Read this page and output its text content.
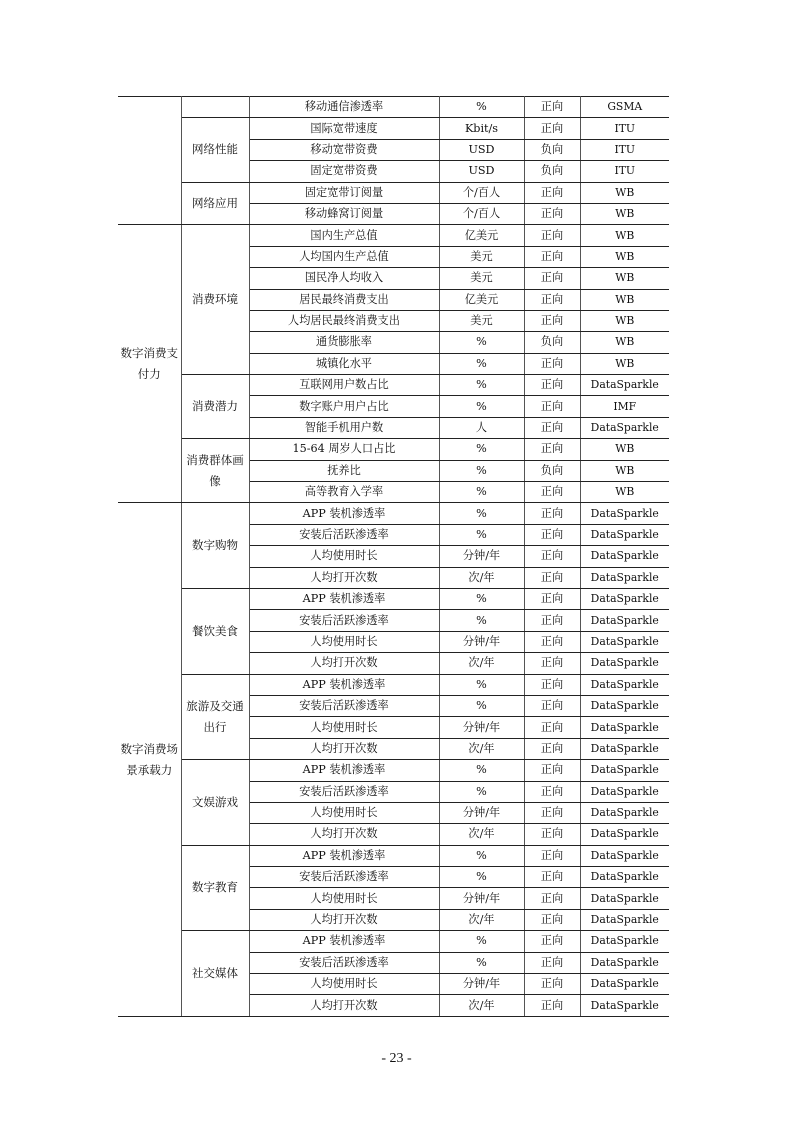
		移动通信渗透率	%	正向	GSMA
	网络性能	国际宽带速度	Kbit/s	正向	ITU
		移动宽带资费	USD	负向	ITU
		固定宽带资费	USD	负向	ITU
	网络应用	固定宽带订阅量	个/百人	正向	WB
		移动蜂窝订阅量	个/百人	正向	WB
数字消费支付力	消费环境	国内生产总值	亿美元	正向	WB
		人均国内生产总值	美元	正向	WB
		国民净人均收入	美元	正向	WB
		居民最终消费支出	亿美元	正向	WB
		人均居民最终消费支出	美元	正向	WB
		通货膨胀率	%	负向	WB
		城镇化水平	%	正向	WB
	消费潜力	互联网用户数占比	%	正向	DataSparkle
		数字账户用户占比	%	正向	IMF
		智能手机用户数	人	正向	DataSparkle
	消费群体画像	15-64 周岁人口占比	%	正向	WB
		抚养比	%	负向	WB
		高等教育入学率	%	正向	WB
数字消费场景承载力	数字购物	APP 装机渗透率	%	正向	DataSparkle
		安装后活跃渗透率	%	正向	DataSparkle
		人均使用时长	分钟/年	正向	DataSparkle
		人均打开次数	次/年	正向	DataSparkle
	餐饮美食	APP 装机渗透率	%	正向	DataSparkle
		安装后活跃渗透率	%	正向	DataSparkle
		人均使用时长	分钟/年	正向	DataSparkle
		人均打开次数	次/年	正向	DataSparkle
	旅游及交通出行	APP 装机渗透率	%	正向	DataSparkle
		安装后活跃渗透率	%	正向	DataSparkle
		人均使用时长	分钟/年	正向	DataSparkle
		人均打开次数	次/年	正向	DataSparkle
	文娱游戏	APP 装机渗透率	%	正向	DataSparkle
		安装后活跃渗透率	%	正向	DataSparkle
		人均使用时长	分钟/年	正向	DataSparkle
		人均打开次数	次/年	正向	DataSparkle
	数字教育	APP 装机渗透率	%	正向	DataSparkle
		安装后活跃渗透率	%	正向	DataSparkle
		人均使用时长	分钟/年	正向	DataSparkle
		人均打开次数	次/年	正向	DataSparkle
	社交媒体	APP 装机渗透率	%	正向	DataSparkle
		安装后活跃渗透率	%	正向	DataSparkle
		人均使用时长	分钟/年	正向	DataSparkle
		人均打开次数	次/年	正向	DataSparkle
- 23 -
